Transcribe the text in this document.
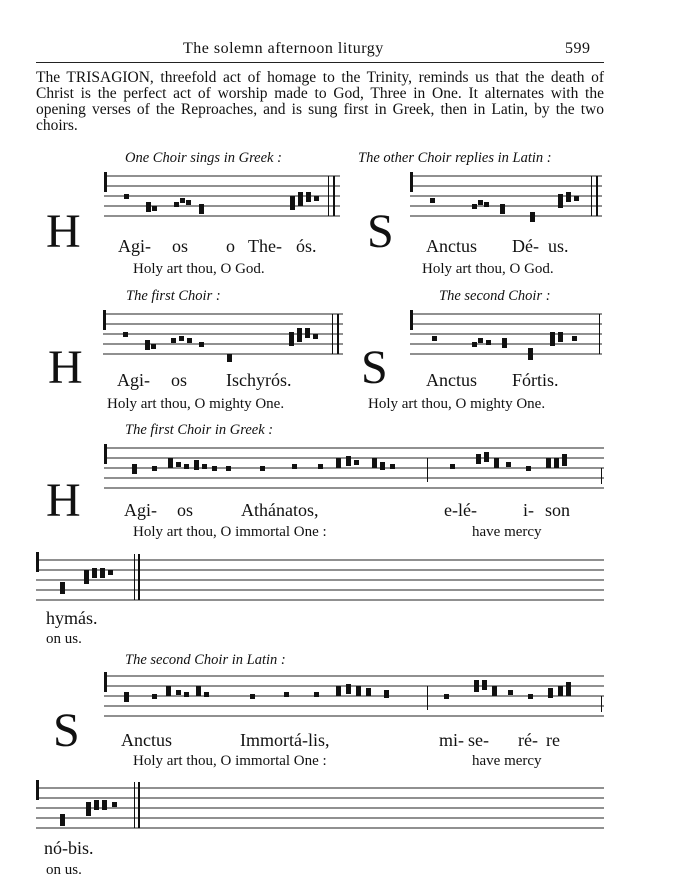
The solemn afternoon liturgy	599
The TRISAGION, threefold act of homage to the Trinity, reminds us that the death of Christ is the perfect act of worship made to God, Three in One. It alternates with the opening verses of the Reproaches, and is sung first in Greek, then in Latin, by the two choirs.
One Choir sings in Greek :	The other Choir replies in Latin :
H Agi- os o The- ós.
Holy art thou, O God.
S Anctus Dé- us.
Holy art thou, O God.
The first Choir :	The second Choir :
H Agi- os Ischyrós.
Holy art thou, O mighty One.
S Anctus Fórtis.
Holy art thou, O mighty One.
The first Choir in Greek :
H Agi- os	Athánatos,	e-lé-	i- son
Holy art thou, O immortal One :	have mercy
hymás.
on us.
The second Choir in Latin :
S Anctus	Immortá-lis,	mi- se- ré- re
Holy art thou, O immortal One :	have mercy
nó-bis.
on us.
